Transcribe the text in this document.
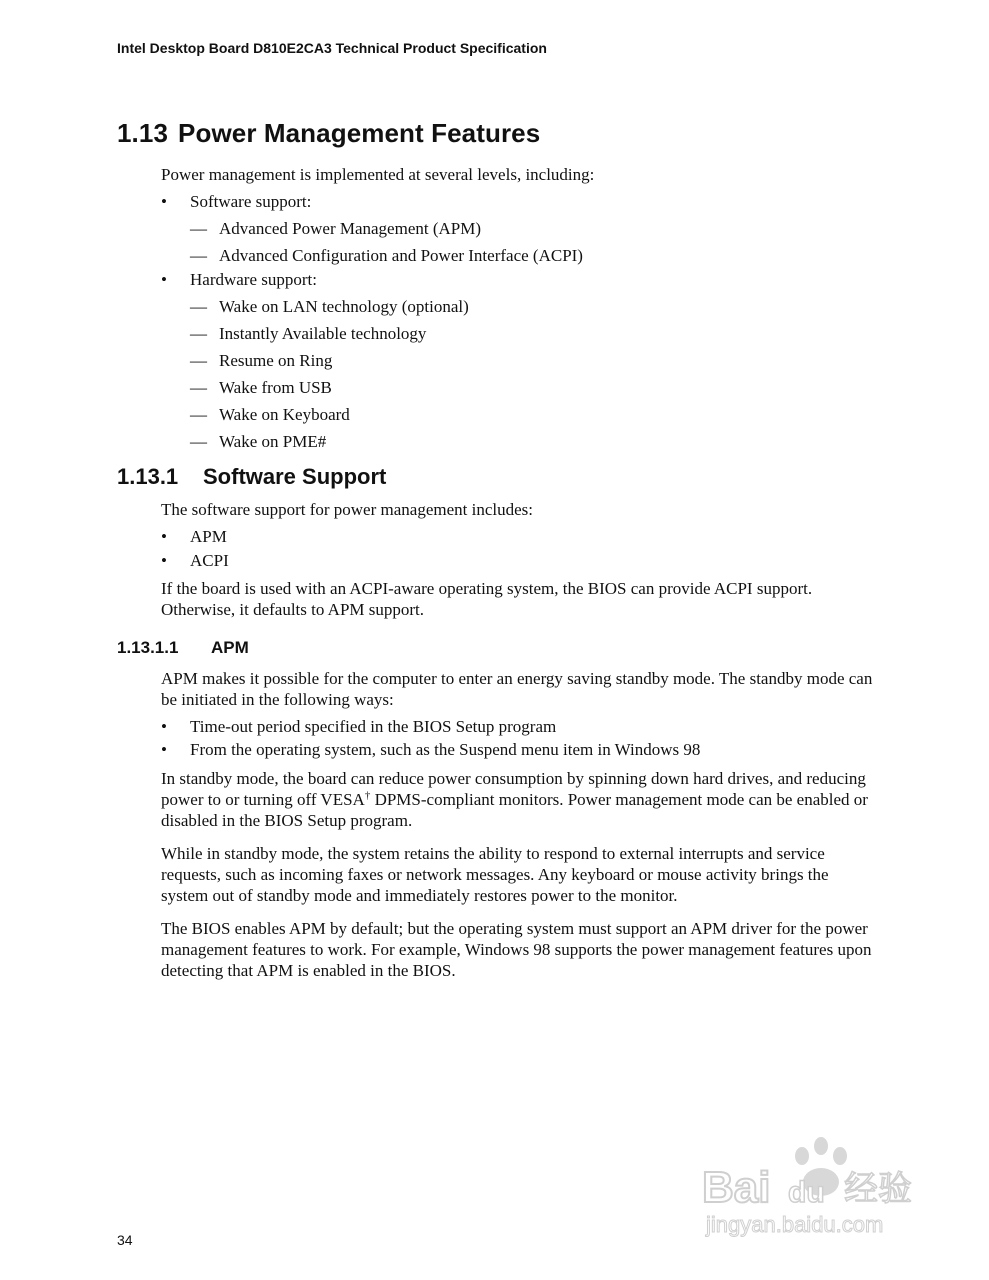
Intel Desktop Board D810E2CA3 Technical Product Specification
1.13 Power Management Features

Power management is implemented at several levels, including:

• Software support:
— Advanced Power Management (APM)
— Advanced Configuration and Power Interface (ACPI)
• Hardware support:
— Wake on LAN technology (optional)
— Instantly Available technology
— Resume on Ring
— Wake from USB
— Wake on Keyboard
— Wake on PME#
1.13.1 Software Support

The software support for power management includes:

• APM
• ACPI

If the board is used with an ACPI-aware operating system, the BIOS can provide ACPI support. Otherwise, it defaults to APM support.

1.13.1.1 APM

APM makes it possible for the computer to enter an energy saving standby mode. The standby mode can be initiated in the following ways:

• Time-out period specified in the BIOS Setup program
• From the operating system, such as the Suspend menu item in Windows 98

In standby mode, the board can reduce power consumption by spinning down hard drives, and reducing power to or turning off VESA† DPMS-compliant monitors. Power management mode can be enabled or disabled in the BIOS Setup program.

While in standby mode, the system retains the ability to respond to external interrupts and service requests, such as incoming faxes or network messages. Any keyboard or mouse activity brings the system out of standby mode and immediately restores power to the monitor.

The BIOS enables APM by default; but the operating system must support an APM driver for the power management features to work. For example, Windows 98 supports the power management features upon detecting that APM is enabled in the BIOS.

34
Bai du 经验
jingyan.baidu.com
